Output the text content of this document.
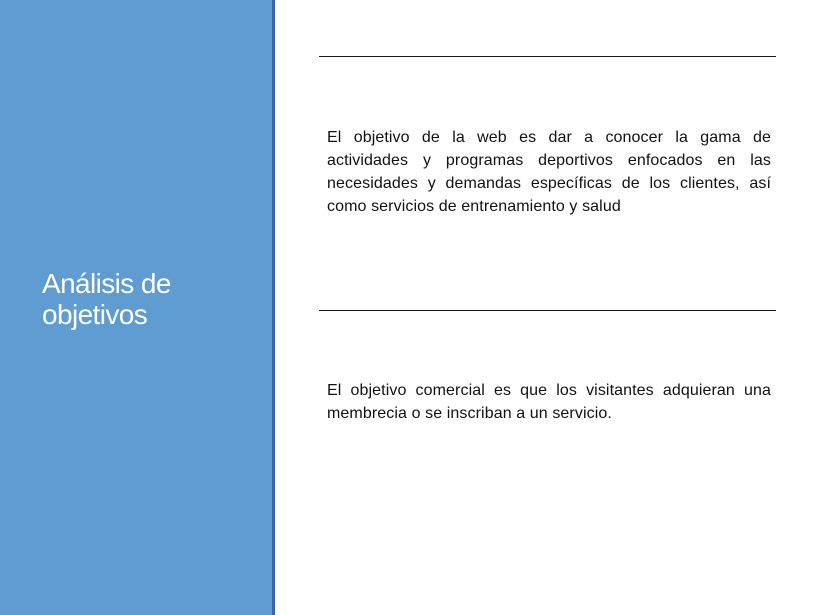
Análisis de objetivos
El objetivo de la web es dar a conocer la gama de actividades y programas deportivos enfocados en las necesidades y demandas específicas de los clientes, así como servicios de entrenamiento y salud
El objetivo comercial es que los visitantes adquieran una membrecia o se inscriban a un servicio.
